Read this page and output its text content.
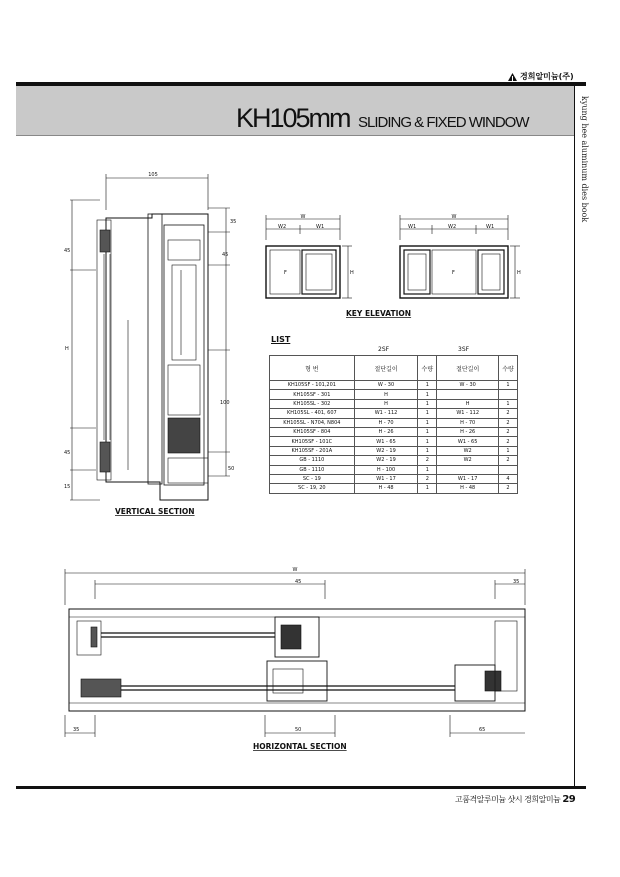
경희알미늄(주)
KH105mm SLIDING & FIXED WINDOW	kyung hee aluminum dies book
105
45
H
45
15
35
45
100
50
VERTICAL SECTION
W
W2	W1
F	H
W
W1	W2	W1
F	H
KEY ELEVATION
LIST
2SF	3SF
형 번	절단길이	수량	절단길이	수량
KH105SF - 101,201	W - 30	1	W - 30	1
KH105SF - 301	H	1		
KH105SL - 302	H	1	H	1
KH105SL - 401, 607	W1 - 112	1	W1 - 112	2
KH105SL - N704, N804	H - 70	1	H - 70	2
KH105SF - 804	H - 26	1	H - 26	2
KH105SF - 101C	W1 - 65	1	W1 - 65	2
KH105SF - 201A	W2 - 19	1	W2	1
GB - 1110	W2 - 19	2	W2	2
GB - 1110	H - 100	1		
SC - 19	W1 - 17	2	W1 - 17	4
SC - 19, 20	H - 48	1	H - 48	2
W
45	35
35	50	65
HORIZONTAL SECTION
고품격알루미늄 샷시 경희알미늄 29
